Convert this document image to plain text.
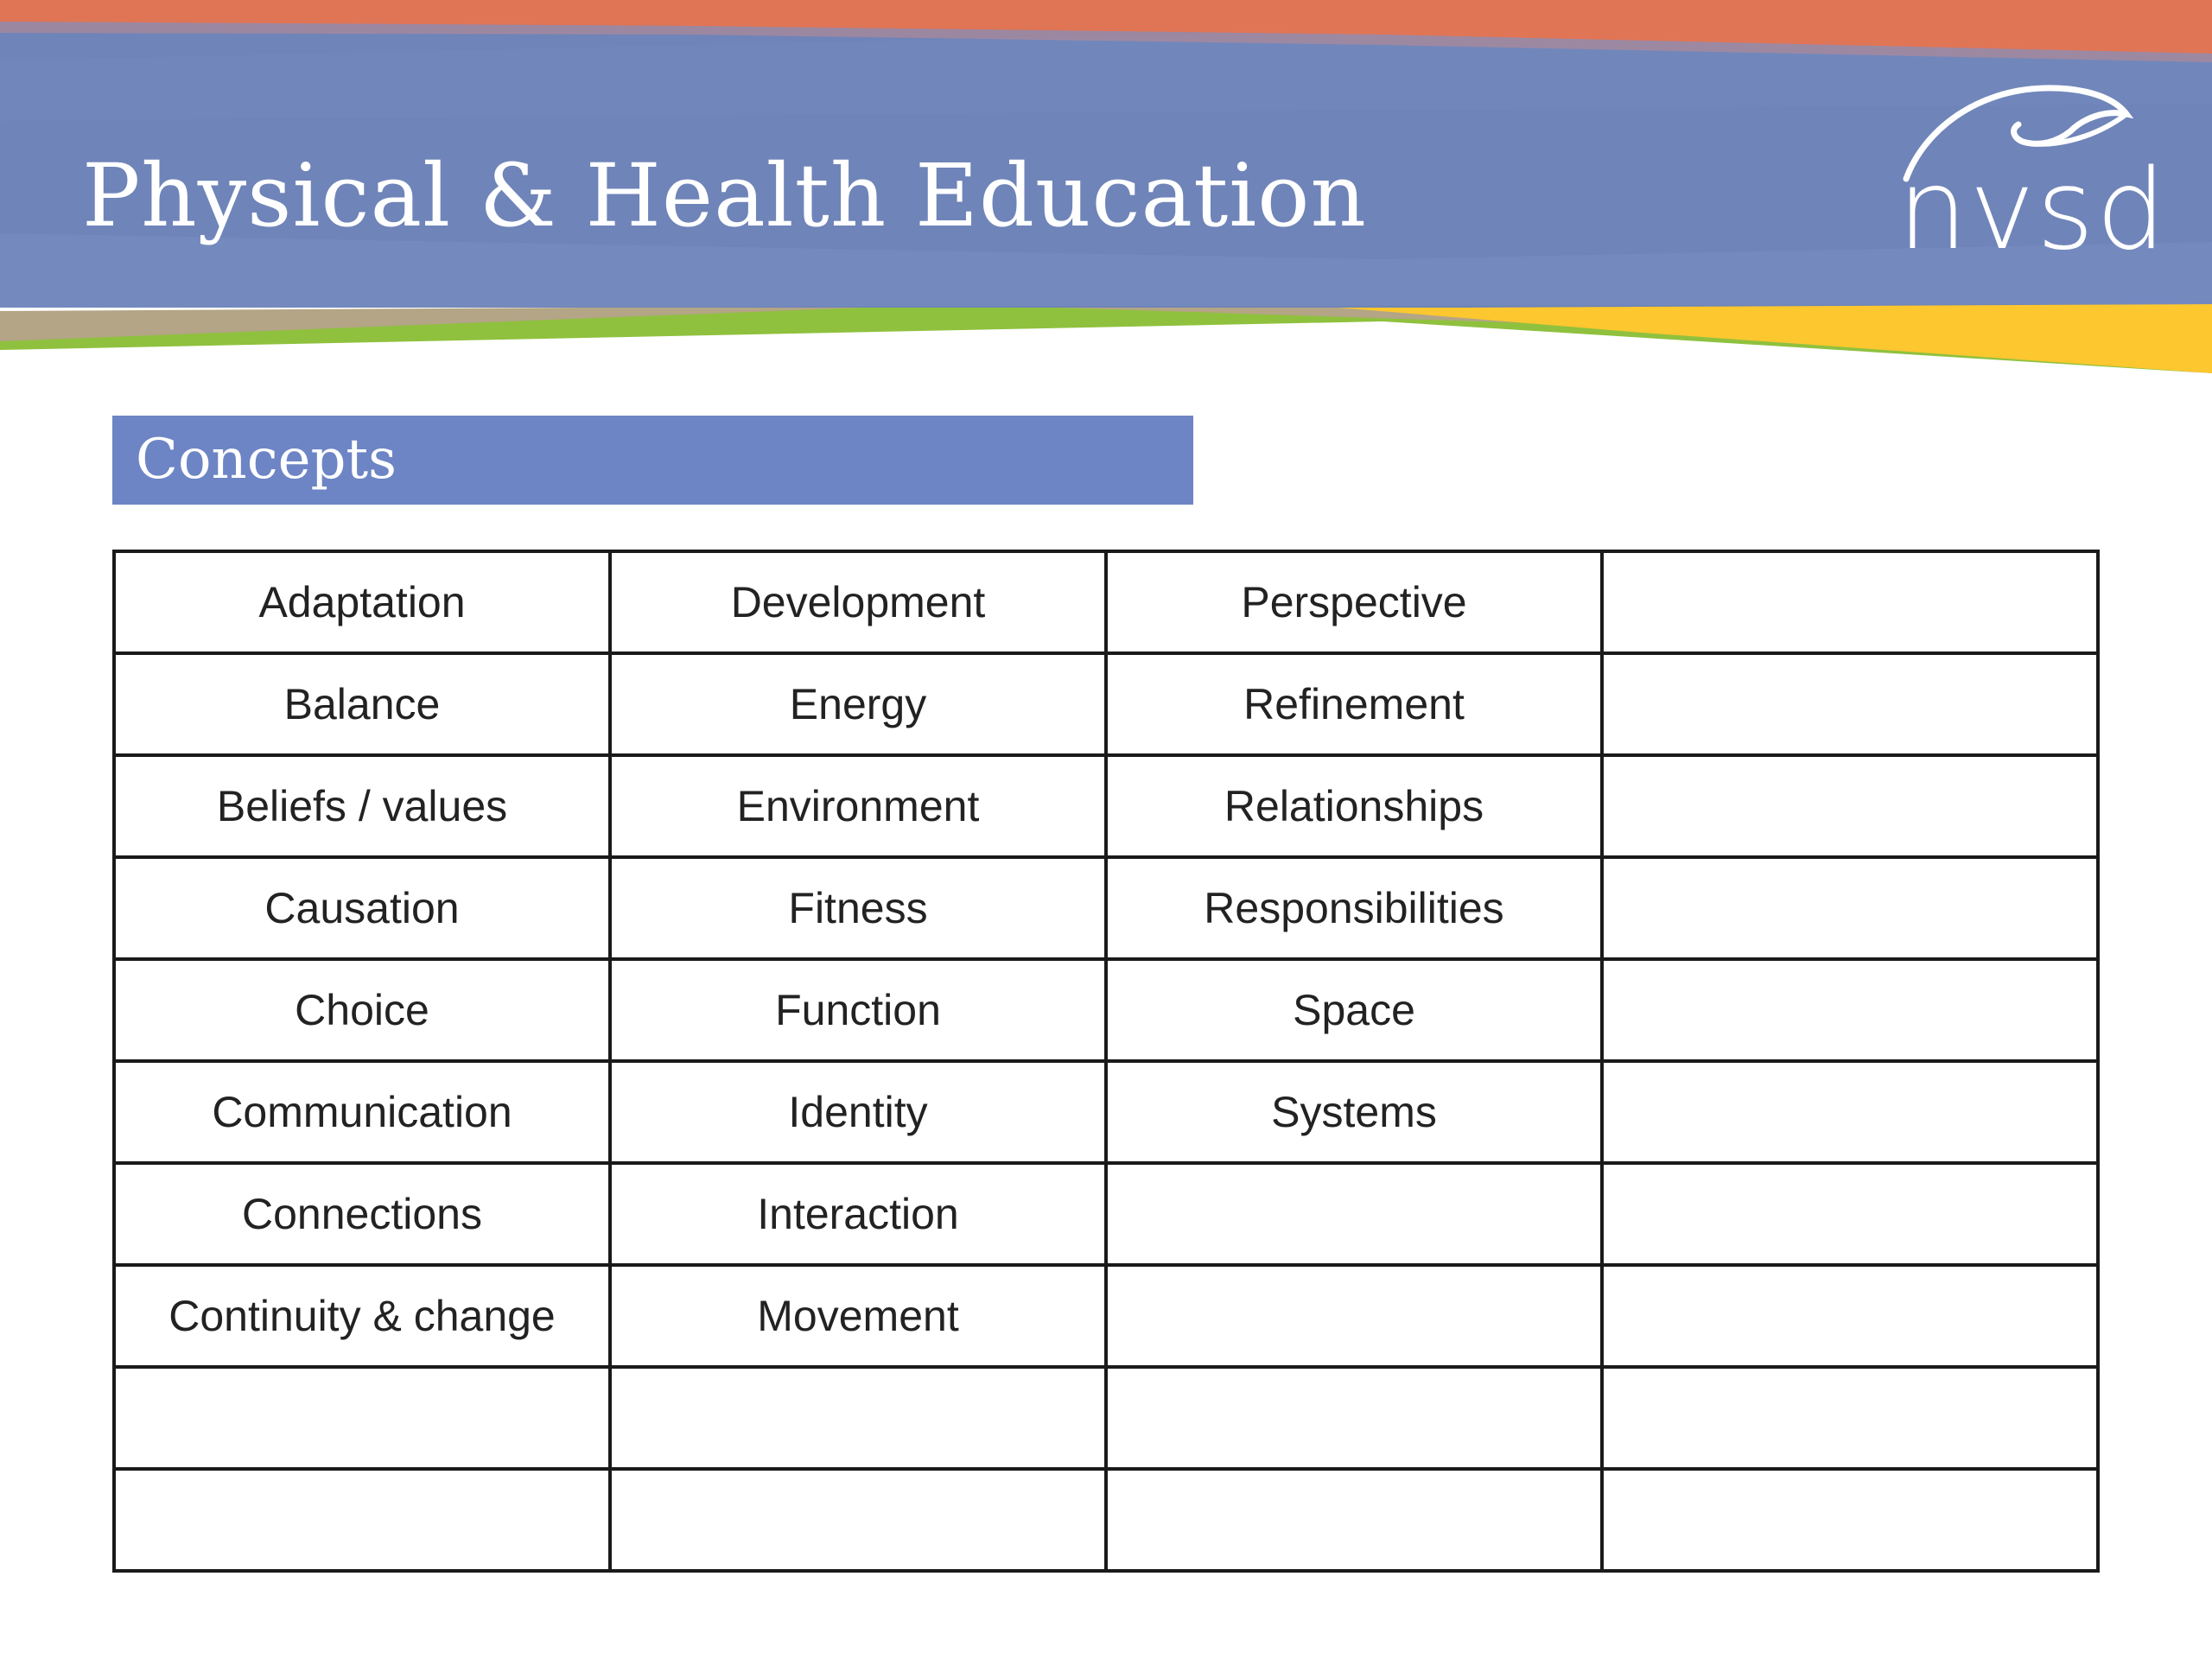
Physical & Health Education	nvsd
Concepts
Adaptation	Development	Perspective	
Balance	Energy	Refinement	
Beliefs / values	Environment	Relationships	
Causation	Fitness	Responsibilities	
Choice	Function	Space	
Communication	Identity	Systems	
Connections	Interaction		
Continuity & change	Movement		
